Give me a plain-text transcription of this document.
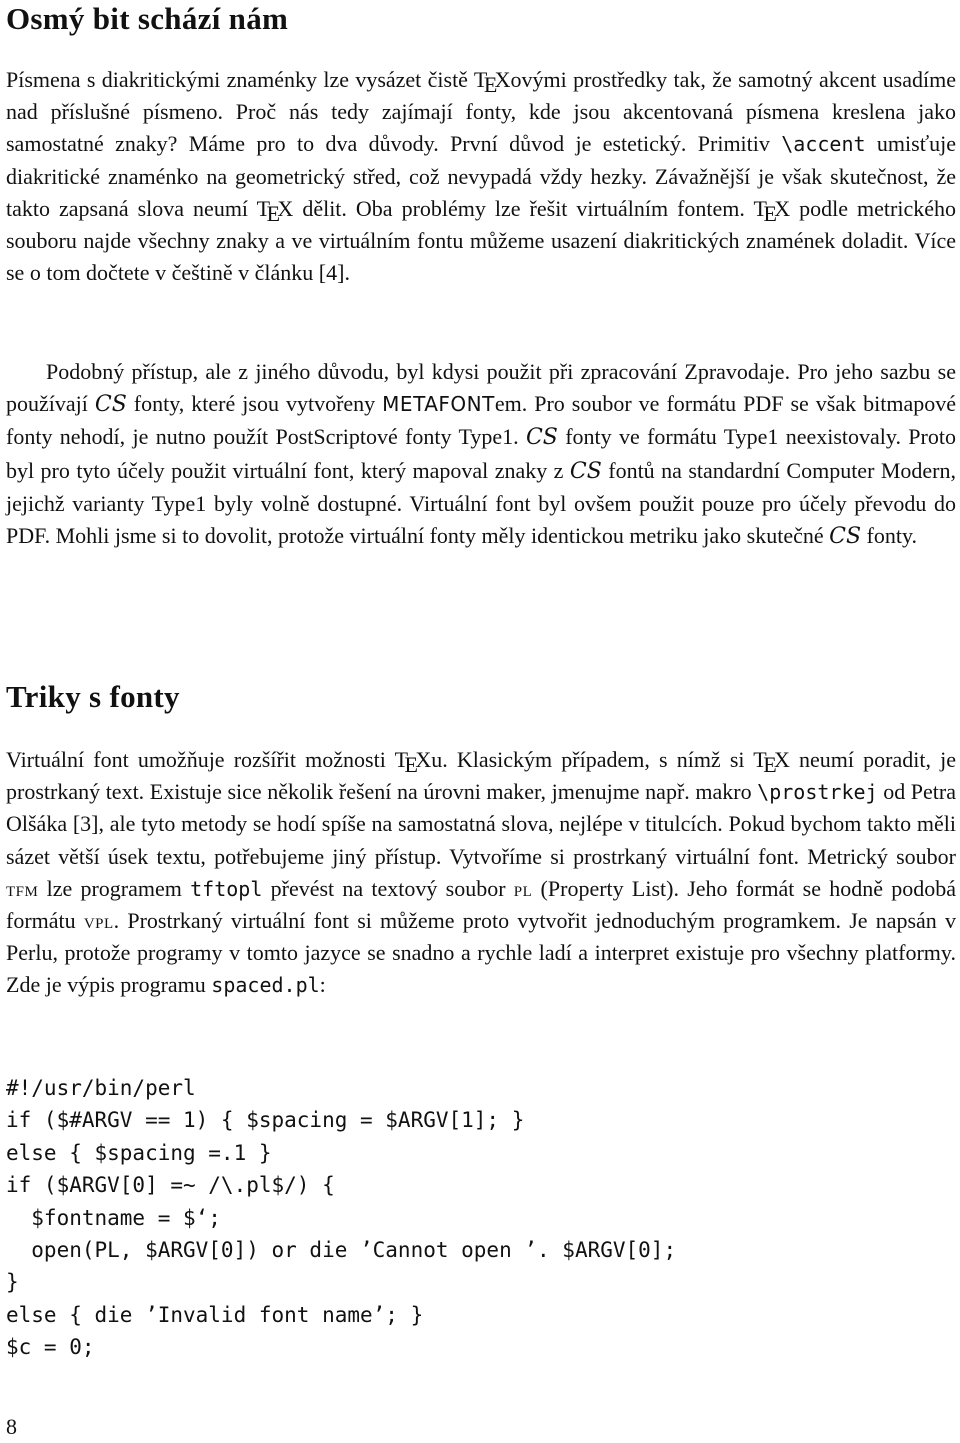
Osmý bit schází nám

Písmena s diakritickými znaménky lze vysázet čistě TEXovými prostředky tak, že samotný akcent usadíme nad příslušné písmeno. Proč nás tedy zajímají fonty, kde jsou akcentovaná písmena kreslena jako samostatné znaky? Máme pro to dva důvody. První důvod je estetický. Primitiv \accent umisťuje diakritické znaménko na geometrický střed, což nevypadá vždy hezky. Závažnější je však skutečnost, že takto zapsaná slova neumí TEX dělit. Oba problémy lze řešit virtuálním fontem. TEX podle metrického souboru najde všechny znaky a ve virtuálním fontu můžeme usazení diakritických znamének doladit. Více se o tom dočtete v češtině v článku [4].

Podobný přístup, ale z jiného důvodu, byl kdysi použit při zpracování Zpravodaje. Pro jeho sazbu se používají CS fonty, které jsou vytvořeny METAFONTem. Pro soubor ve formátu PDF se však bitmapové fonty nehodí, je nutno použít PostScriptové fonty Type1. CS fonty ve formátu Type1 neexistovaly. Proto byl pro tyto účely použit virtuální font, který mapoval znaky z CS fontů na standardní Computer Modern, jejichž varianty Type1 byly volně dostupné. Virtuální font byl ovšem použit pouze pro účely převodu do PDF. Mohli jsme si to dovolit, protože virtuální fonty měly identickou metriku jako skutečné CS fonty.

Triky s fonty

Virtuální font umožňuje rozšířit možnosti TEXu. Klasickým případem, s nímž si TEX neumí poradit, je prostrkaný text. Existuje sice několik řešení na úrovni maker, jmenujme např. makro \prostrkej od Petra Olšáka [3], ale tyto metody se hodí spíše na samostatná slova, nejlépe v titulcích. Pokud bychom takto měli sázet větší úsek textu, potřebujeme jiný přístup. Vytvoříme si prostrkaný virtuální font. Metrický soubor tfm lze programem tftopl převést na textový soubor pl (Property List). Jeho formát se hodně podobá formátu vpl. Prostrkaný virtuální font si můžeme proto vytvořit jednoduchým programkem. Je napsán v Perlu, protože programy v tomto jazyce se snadno a rychle ladí a interpret existuje pro všechny platformy. Zde je výpis programu spaced.pl:

#!/usr/bin/perl
if ($#ARGV == 1) { $spacing = $ARGV[1]; }
else { $spacing =.1 }
if ($ARGV[0] =~ /\.pl$/) {
$fontname = $‘;
open(PL, $ARGV[0]) or die ’Cannot open ’. $ARGV[0];
}
else { die ’Invalid font name’; }
$c = 0;
8
